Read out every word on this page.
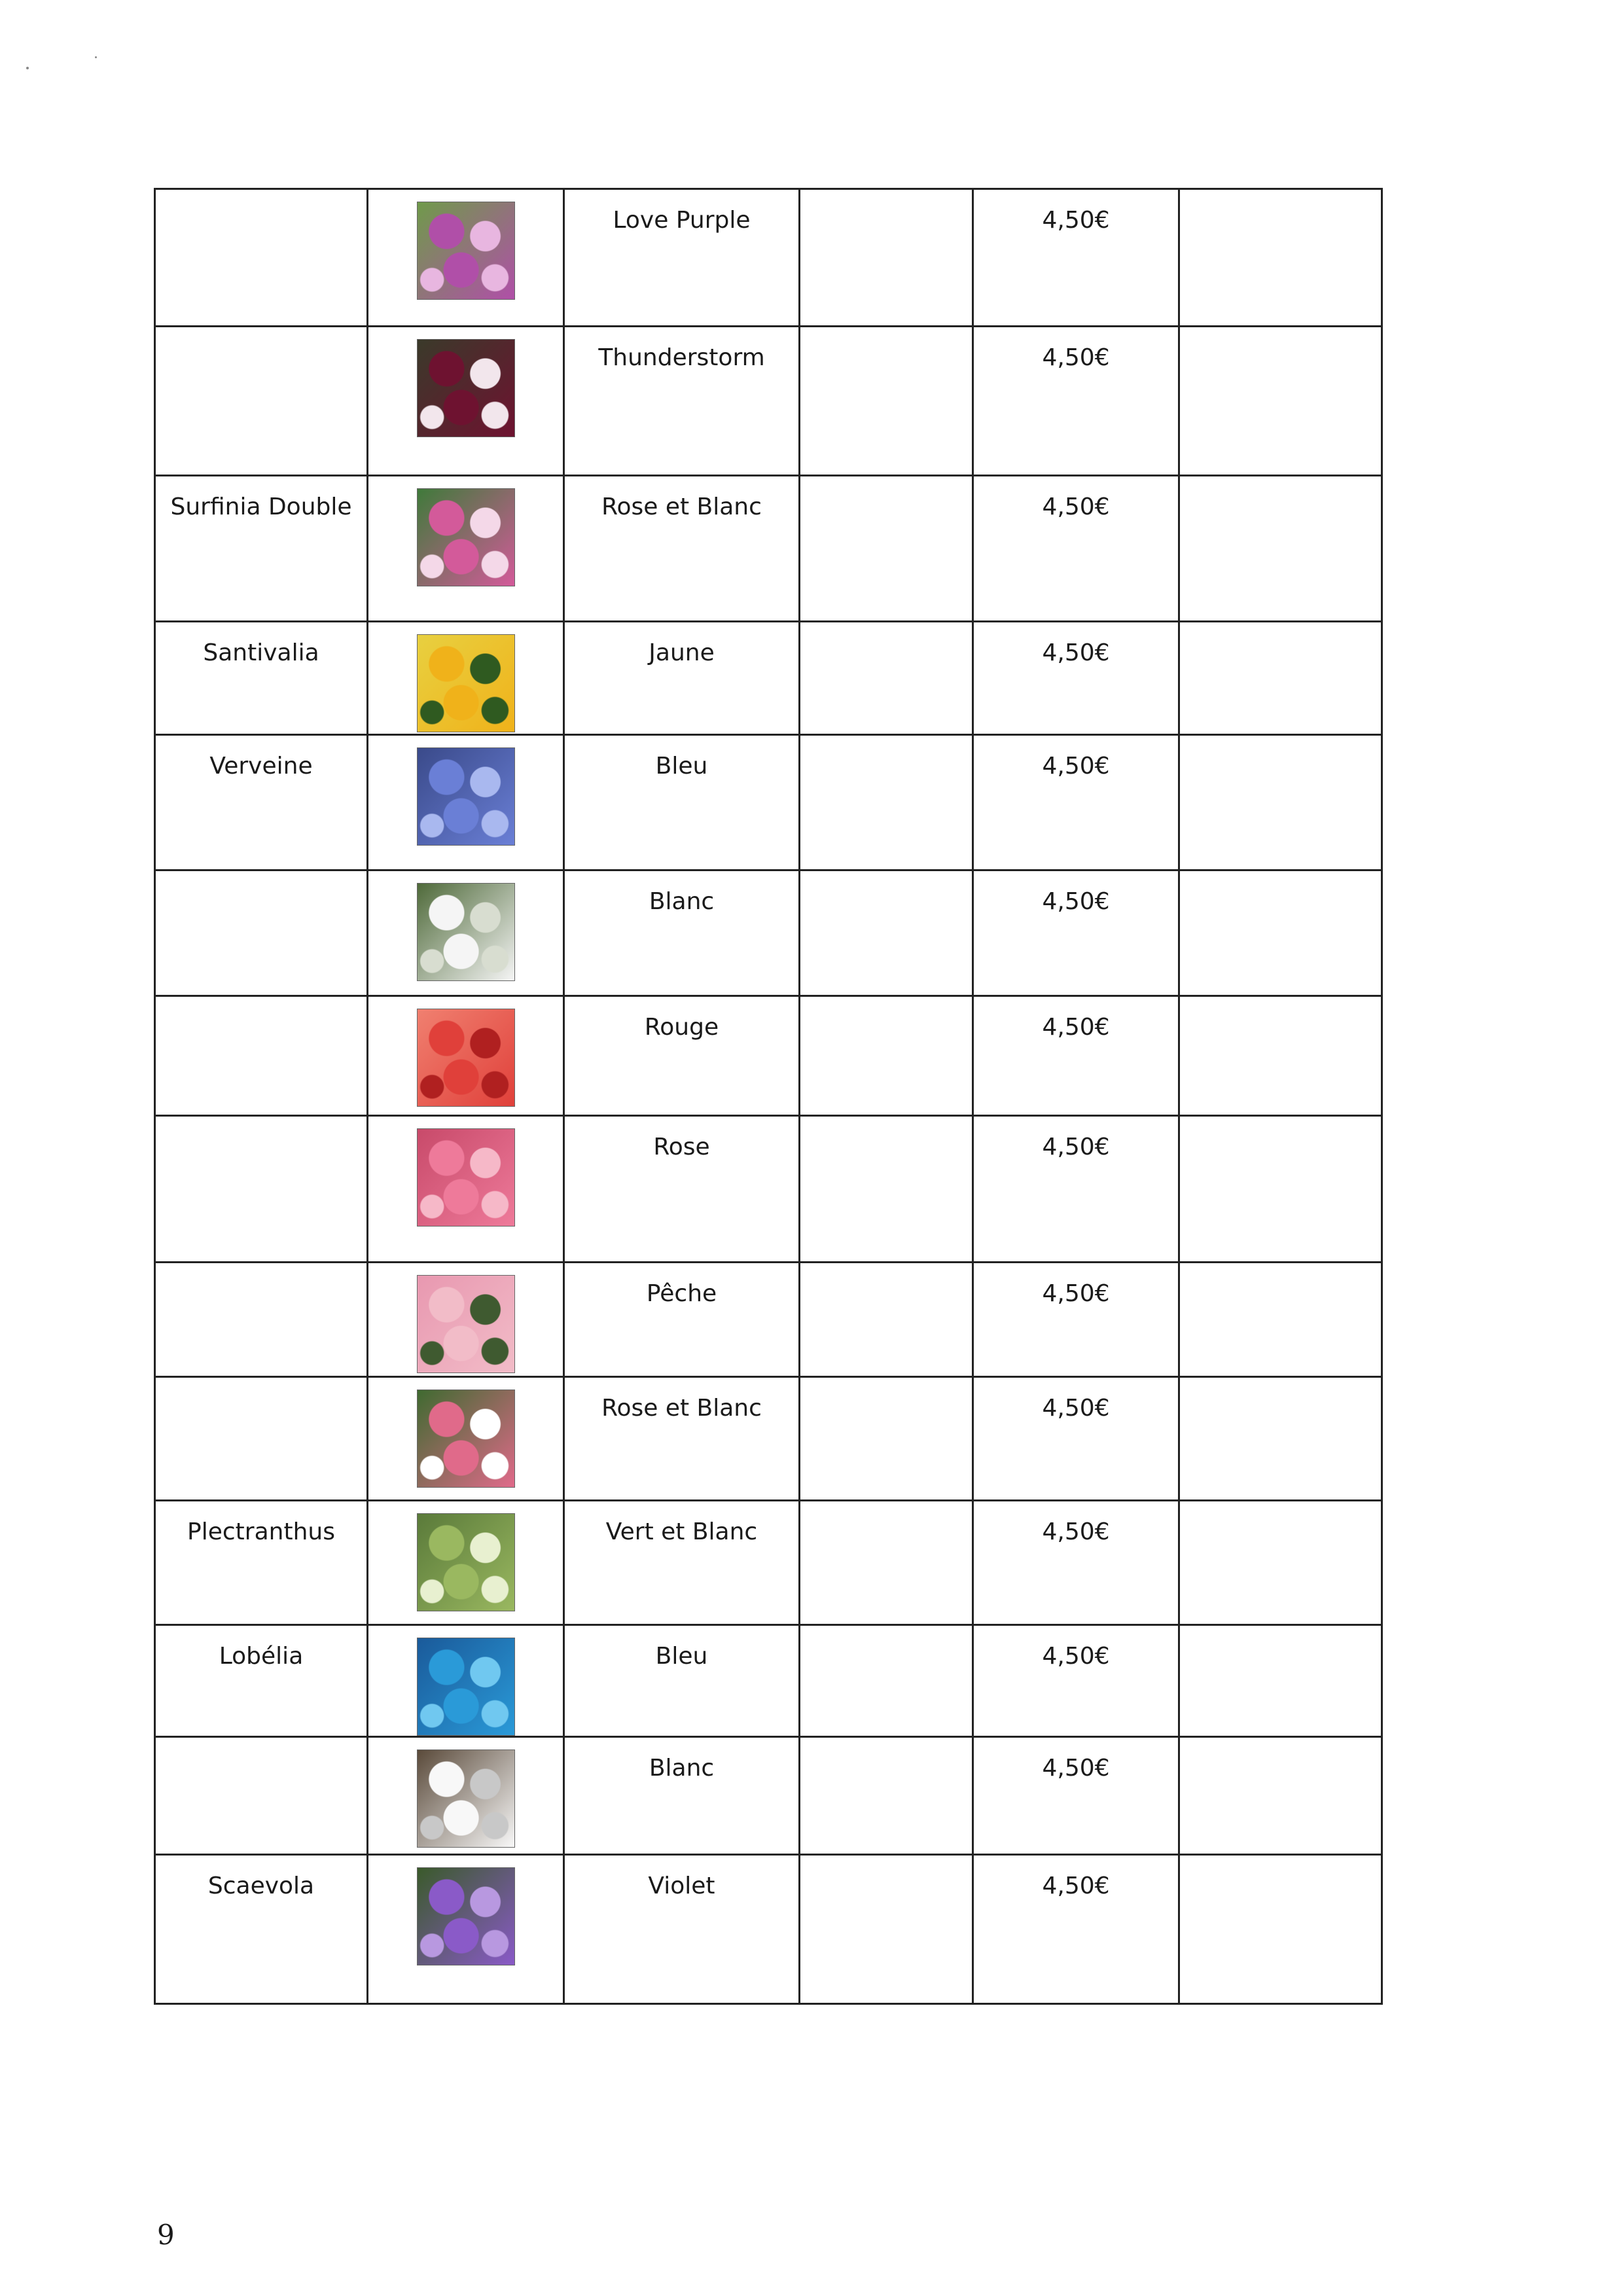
	Love Purple		4,50€	

	Thunderstorm		4,50€	
Surfinia Double		Rose et Blanc		4,50€	
Santivalia		Jaune		4,50€	
Verveine		Bleu		4,50€	

	Blanc		4,50€	

	Rouge		4,50€	

	Rose		4,50€	

	Pêche		4,50€	

	Rose et Blanc		4,50€	
Plectranthus		Vert et Blanc		4,50€	
Lobélia		Bleu		4,50€	

	Blanc		4,50€	
Scaevola		Violet		4,50€	
9
